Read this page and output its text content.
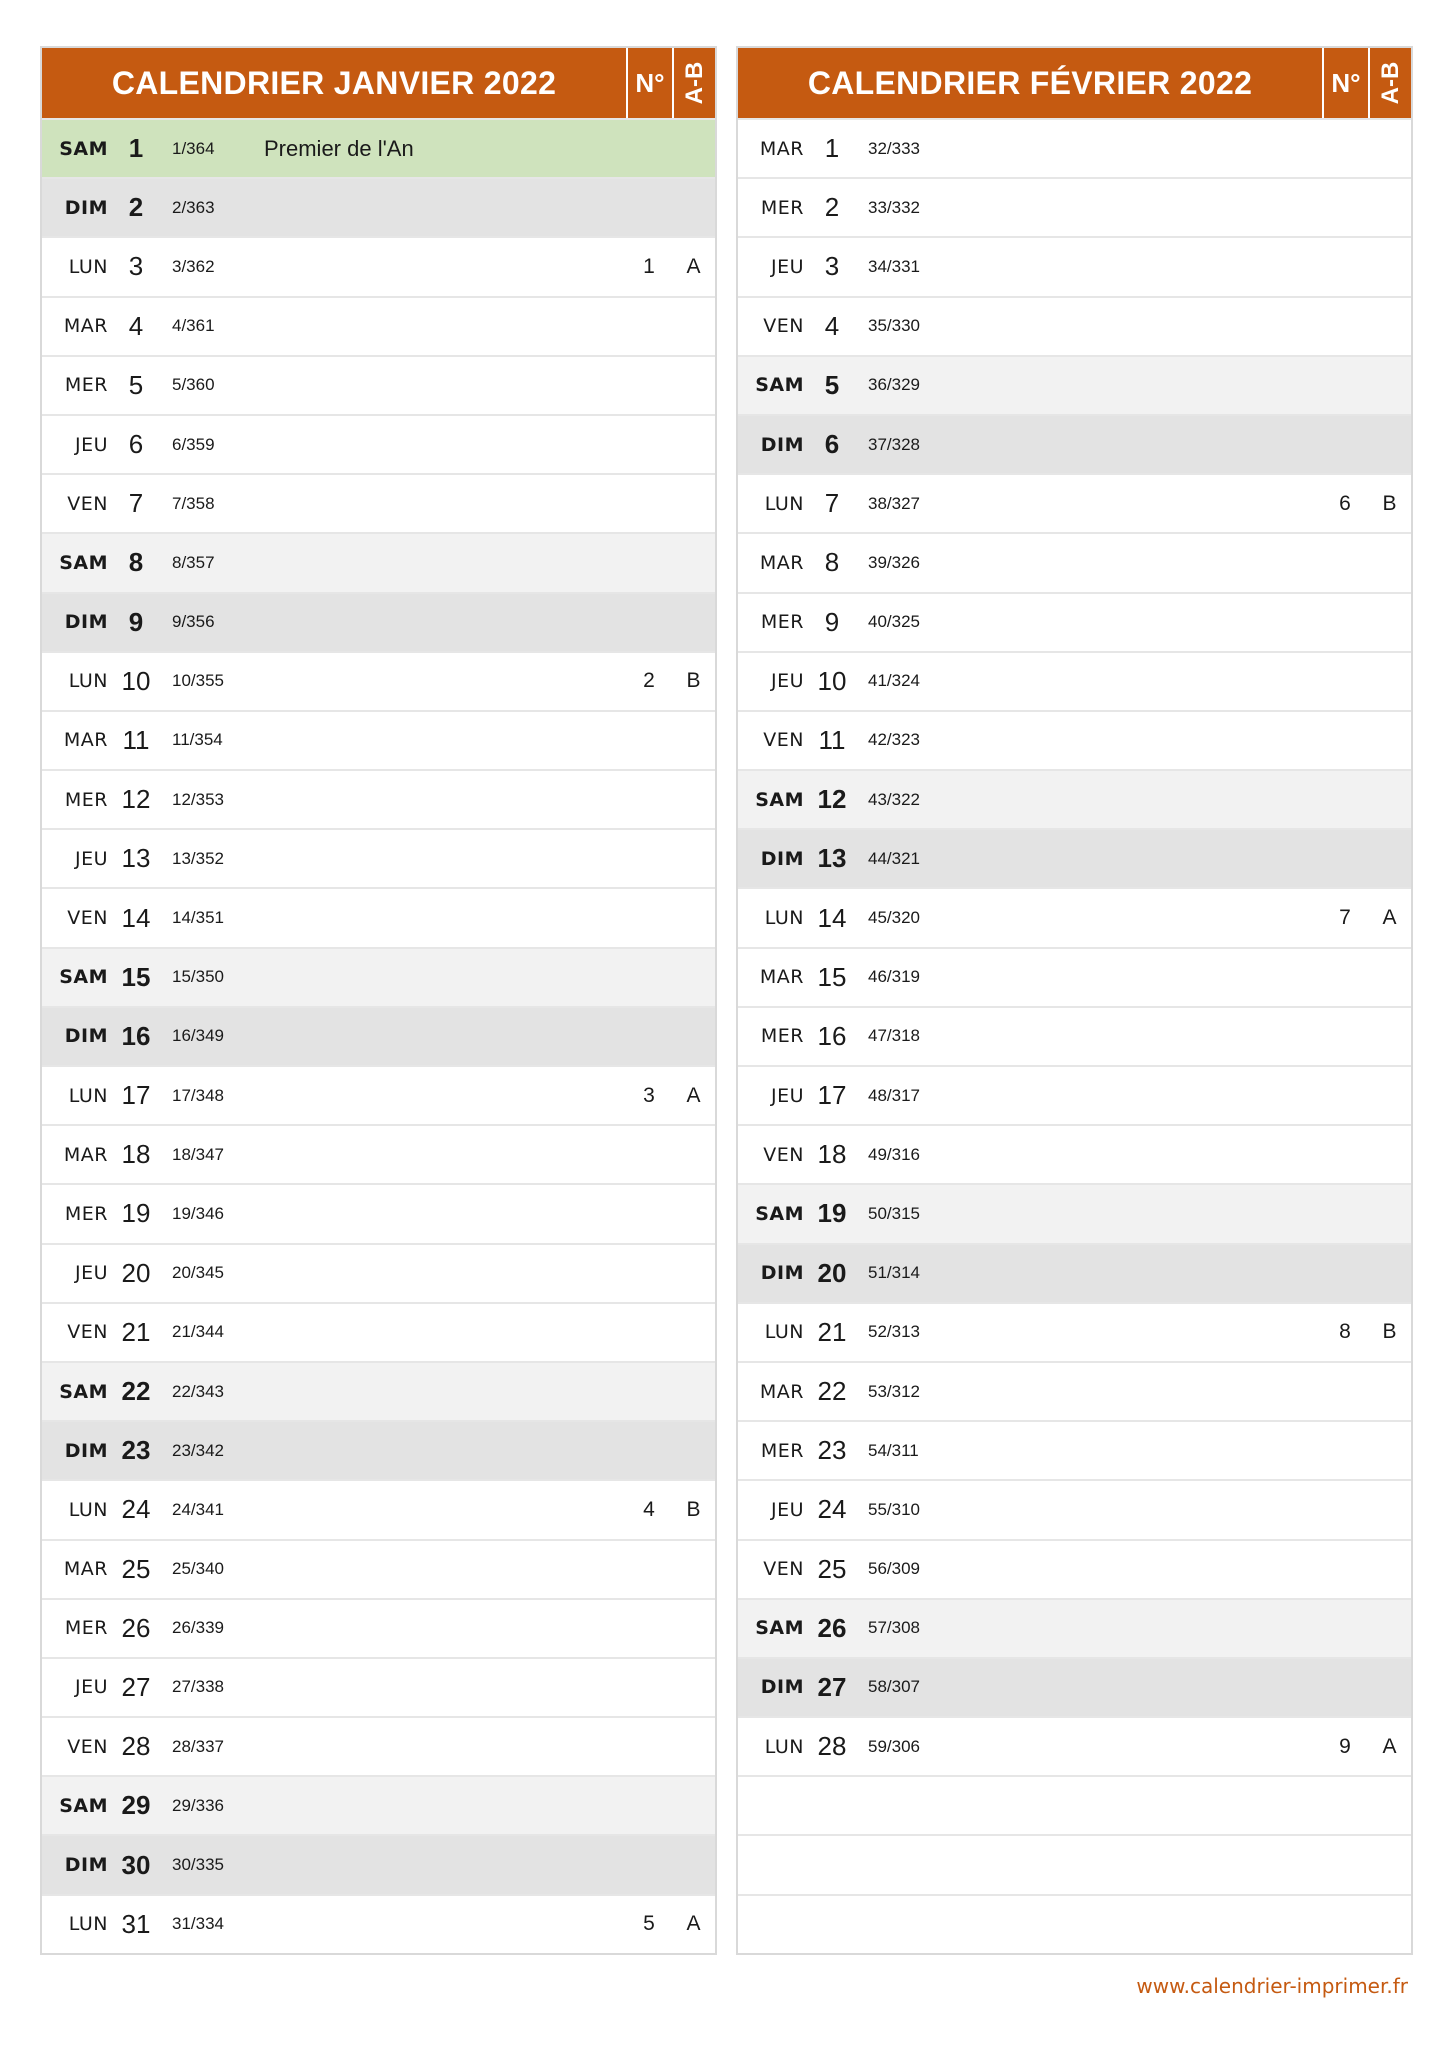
CALENDRIER JANVIER 2022	N° A-B
SAM 1	1/364 Premier de l'An
DIM 2	2/363
LUN 3	3/362	1	A
MAR 4	4/361
MER 5	5/360
JEU 6	6/359
VEN 7	7/358
SAM 8	8/357
DIM 9	9/356
LUN 10	10/355	2	B
MAR 11	11/354
MER 12	12/353
JEU 13	13/352
VEN 14	14/351
SAM 15	15/350
DIM 16	16/349
LUN 17	17/348	3	A
MAR 18	18/347
MER 19	19/346
JEU 20	20/345
VEN 21	21/344
SAM 22	22/343
DIM 23	23/342
LUN 24	24/341	4	B
MAR 25	25/340
MER 26	26/339
JEU 27	27/338
VEN 28	28/337
SAM 29	29/336
DIM 30	30/335
LUN 31	31/334	5	A
CALENDRIER FÉVRIER 2022	N° A-B
MAR 1	32/333
MER 2	33/332
JEU 3	34/331
VEN 4	35/330
SAM 5	36/329
DIM 6	37/328
LUN 7	38/327	6	B
MAR 8	39/326
MER 9	40/325
JEU 10	41/324
VEN 11	42/323
SAM 12	43/322
DIM 13	44/321
LUN 14	45/320	7	A
MAR 15	46/319
MER 16	47/318
JEU 17	48/317
VEN 18	49/316
SAM 19	50/315
DIM 20	51/314
LUN 21	52/313	8	B
MAR 22	53/312
MER 23	54/311
JEU 24	55/310
VEN 25	56/309
SAM 26	57/308
DIM 27	58/307
LUN 28	59/306	9	A
www.calendrier-imprimer.fr
